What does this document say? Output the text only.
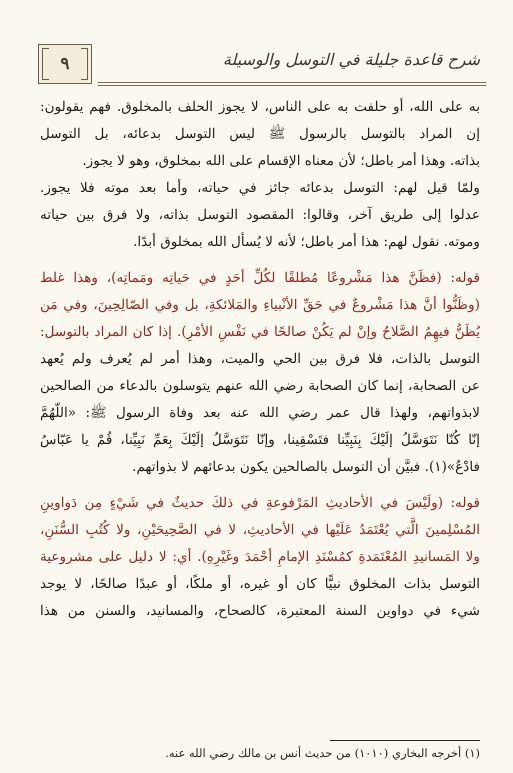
٩	شرح قاعدة جليلة في التوسل والوسيلة
به على الله، أو حلفت به على الناس، لا يجوز الحلف بالمخلوق. فهم يقولون:
إن المراد بالتوسل بالرسول ﷺ ليس التوسل بدعائه، بل التوسل
بذاته. وهذا أمر باطل؛ لأن معناه الإقسام على الله بمخلوق، وهو لا يجوز.
ولمّا قيل لهم: التوسل بدعائه جائز في حياته، وأما بعد موته فلا يجوز.
عدلوا إلى طريق آخر، وقالوا: المقصود التوسل بذاته، ولا فرق بين حياته
وموته. نقول لهم: هذا أمر باطل؛ لأنه لا يُسأل الله بمخلوق أبدًا.
قوله: (فظَنَّ هذا مَشْروعًا مُطلقًا لكُلِّ أحَدٍ في حَياتِه ومَماتِه)، وهذا غلط
(وظَنُّوا أنَّ هذا مَشْروعٌ في حَقِّ الأنْبياءِ والمَلائكةِ، بل وفي الصّالِحِينَ، وفي مَن
يُظَنُّ فيهِمُ الصَّلاحُ وإنْ لم يَكُنْ صالحًا في نَفْسِ الأمْرِ). إذا كان المراد بالتوسل:
التوسل بالذات، فلا فرق بين الحي والميت، وهذا أمر لم يُعرف ولم يُعهد
عن الصحابة، إنما كان الصحابة رضي الله عنهم يتوسلون بالدعاء من الصالحين
لابذواتهم، ولهذا قال عمر رضي الله عنه بعد وفاة الرسول ﷺ: «اللّهُمَّ
إنّا كُنّا نَتَوَسَّلُ إلَيْكَ بِنَبِيِّنا فتَسْقِينا، وإنّا نَتَوَسَّلُ إلَيْكَ بِعَمِّ نَبِيِّنا، قُمْ يا عَبّاسُ
فادْعُ»(١). فبيَّن أن التوسل بالصالحين يكون بدعائهم لا بذواتهم.
قوله: (ولَيْسَ في الأحاديثِ المَرْفوعةِ في ذلكَ حديثٌ في شَيْءٍ مِن دَواوينِ
المُسْلِمينَ الَّتي يُعْتَمَدُ عَلَيْها في الأحاديثِ، لا في الصَّحِيحَيْنِ، ولا كُتُبِ السُّنَنِ،
ولا المَسانيدِ المُعْتَمَدةِ كمُسْنَدِ الإمامِ أحْمَدَ وغَيْرِهِ). أي: لا دليل على مشروعية
التوسل بذات المخلوق نبيًّا كان أو غيره، أو ملكًا، أو عبدًا صالحًا، لا يوجد
شيء في دواوين السنة المعتبرة، كالصحاح، والمسانيد، والسنن من هذا
(١) أخرجه البخاري (١٠١٠) من حديث أنس بن مالك رضي الله عنه.
